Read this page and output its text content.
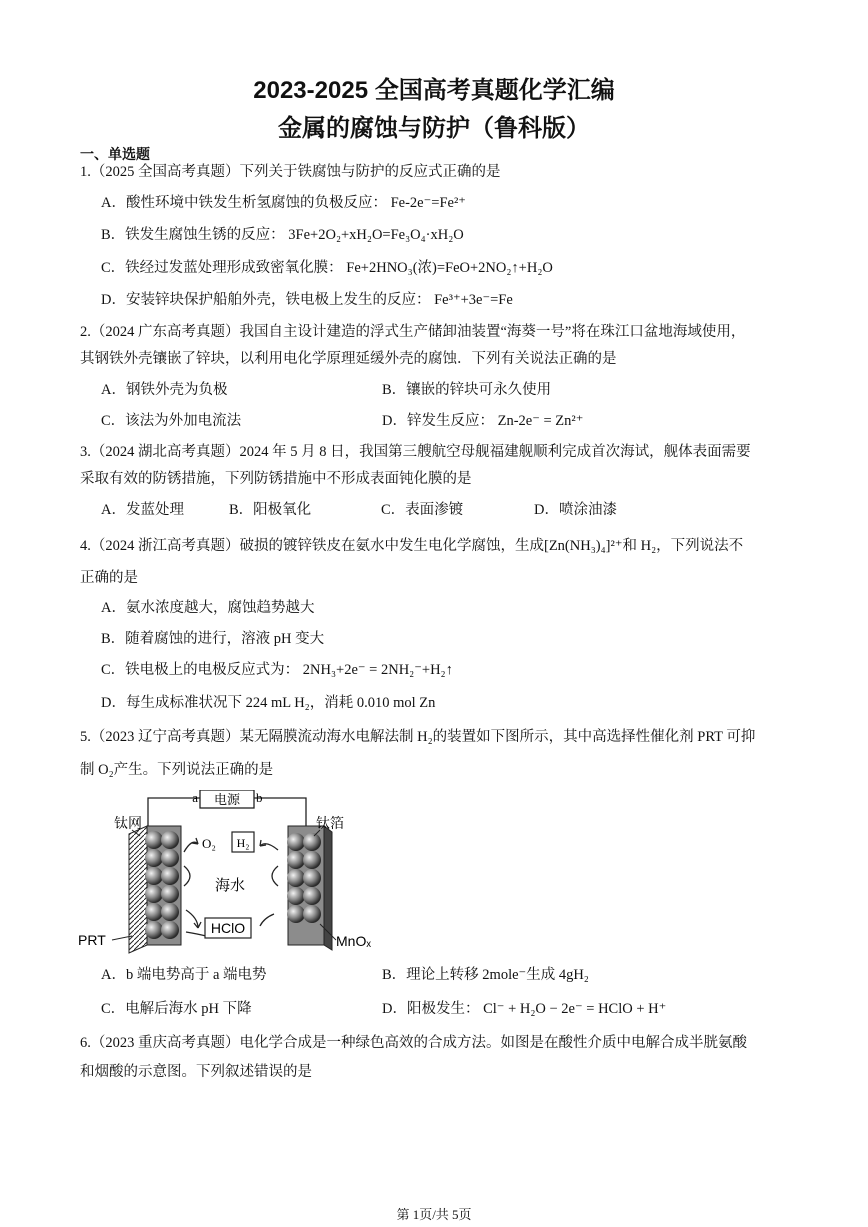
2023-2025 全国高考真题化学汇编
金属的腐蚀与防护（鲁科版）
一、单选题
1.（2025 全国高考真题）下列关于铁腐蚀与防护的反应式正确的是
A．酸性环境中铁发生析氢腐蚀的负极反应： Fe-2e⁻=Fe²⁺
B．铁发生腐蚀生锈的反应： 3Fe+2O₂+xH₂O=Fe₃O₄·xH₂O
C．铁经过发蓝处理形成致密氧化膜： Fe+2HNO₃(浓)=FeO+2NO₂↑+H₂O
D．安装锌块保护船舶外壳，铁电极上发生的反应： Fe³⁺+3e⁻=Fe
2.（2024 广东高考真题）我国自主设计建造的浮式生产储卸油装置“海葵一号”将在珠江口盆地海域使用，
其钢铁外壳镶嵌了锌块，以利用电化学原理延缓外壳的腐蚀．下列有关说法正确的是
A．钢铁外壳为负极	B．镶嵌的锌块可永久使用
C．该法为外加电流法	D．锌发生反应： Zn-2e⁻ = Zn²⁺
3.（2024 湖北高考真题）2024 年 5 月 8 日，我国第三艘航空母舰福建舰顺利完成首次海试，舰体表面需要
采取有效的防锈措施，下列防锈措施中不形成表面钝化膜的是
A．发蓝处理	B．阳极氧化	C．表面渗镀	D．喷涂油漆
4.（2024 浙江高考真题）破损的镀锌铁皮在氨水中发生电化学腐蚀，生成[Zn(NH₃)₄]²⁺和 H₂，下列说法不
正确的是
A．氨水浓度越大，腐蚀趋势越大
B．随着腐蚀的进行，溶液 pH 变大
C．铁电极上的电极反应式为： 2NH₃+2e⁻ = 2NH₂⁻+H₂↑
D．每生成标准状况下 224 mL H₂，消耗 0.010 mol Zn
5.（2023 辽宁高考真题）某无隔膜流动海水电解法制 H₂的装置如下图所示，其中高选择性催化剂 PRT 可抑
制 O₂产生。下列说法正确的是
电源
a	b
O₂ H₂
海水
HClO
钛网	钛箔
PRT	MnOₓ
A．b 端电势高于 a 端电势	B．理论上转移 2mole⁻生成 4gH₂
C．电解后海水 pH 下降	D．阳极发生： Cl⁻ + H₂O − 2e⁻ = HClO + H⁺
6.（2023 重庆高考真题）电化学合成是一种绿色高效的合成方法。如图是在酸性介质中电解合成半胱氨酸
和烟酸的示意图。下列叙述错误的是
第 1页/共 5页
